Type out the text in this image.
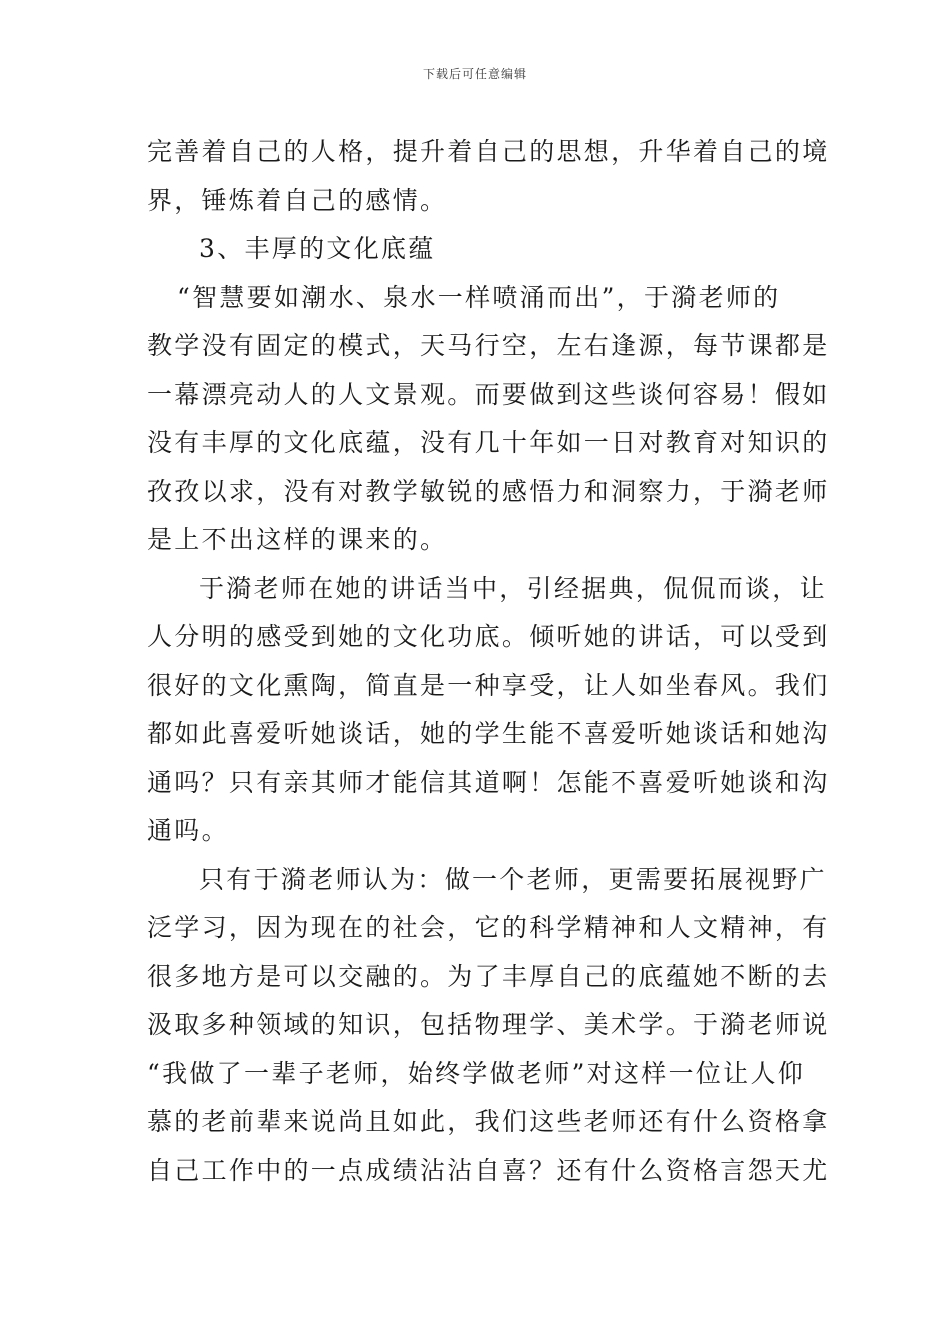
下载后可任意编辑
完善着自己的人格，提升着自己的思想，升华着自己的境
界，锤炼着自己的感情。
3、丰厚的文化底蕴
“智慧要如潮水、泉水一样喷涌而出”，于漪老师的
教学没有固定的模式，天马行空，左右逢源，每节课都是
一幕漂亮动人的人文景观。而要做到这些谈何容易！假如
没有丰厚的文化底蕴，没有几十年如一日对教育对知识的
孜孜以求，没有对教学敏锐的感悟力和洞察力，于漪老师
是上不出这样的课来的。
于漪老师在她的讲话当中，引经据典，侃侃而谈，让
人分明的感受到她的文化功底。倾听她的讲话，可以受到
很好的文化熏陶，简直是一种享受，让人如坐春风。我们
都如此喜爱听她谈话，她的学生能不喜爱听她谈话和她沟
通吗？只有亲其师才能信其道啊！怎能不喜爱听她谈和沟
通吗。
只有于漪老师认为：做一个老师，更需要拓展视野广
泛学习，因为现在的社会，它的科学精神和人文精神，有
很多地方是可以交融的。为了丰厚自己的底蕴她不断的去
汲取多种领域的知识，包括物理学、美术学。于漪老师说
“我做了一辈子老师，始终学做老师”对这样一位让人仰
慕的老前辈来说尚且如此，我们这些老师还有什么资格拿
自己工作中的一点成绩沾沾自喜？还有什么资格言怨天尤
